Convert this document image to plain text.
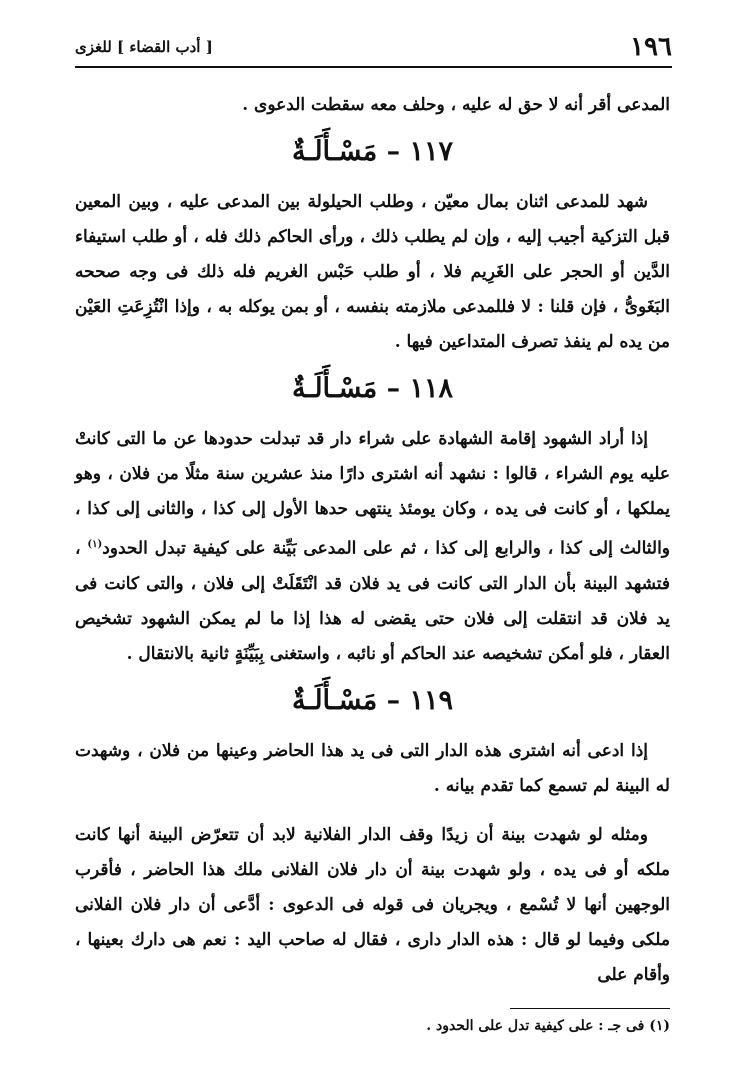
١٩٦
[ أدب القضاء ] للغزى

المدعى أقر أنه لا حق له عليه ، وحلف معه سقطت الدعوى .

١١٧ – مَسْـأَلَـةٌ

شهد للمدعى اثنان بمال معيّن ، وطلب الحيلولة بين المدعى عليه ، وبين المعين قبل التزكية أجيب إليه ، وإن لم يطلب ذلك ، ورأى الحاكم ذلك فله ، أو طلب استيفاء الدَّين أو الحجر على الغَرِيم فلا ، أو طلب حَبْس الغريم فله ذلك فى وجه صححه البَغَوىُّ ، فإن قلنا : لا فللمدعى ملازمته بنفسه ، أو بمن يوكله به ، وإذا انْتُزِعَتِ العَيْن من يده لم ينفذ تصرف المتداعين فيها .

١١٨ – مَسْـأَلَـةٌ

إذا أراد الشهود إقامة الشهادة على شراء دار قد تبدلت حدودها عن ما التى كانتْ عليه يوم الشراء ، قالوا : نشهد أنه اشترى دارًا منذ عشرين سنة مثلًا من فلان ، وهو يملكها ، أو كانت فى يده ، وكان يومئذ ينتهى حدها الأول إلى كذا ، والثانى إلى كذا ، والثالث إلى كذا ، والرابع إلى كذا ، ثم على المدعى بَيِّنة على كيفية تبدل الحدود$^{(١)}$ ، فتشهد البينة بأن الدار التى كانت فى يد فلان قد انْتَقَلَتْ إلى فلان ، والتى كانت فى يد فلان قد انتقلت إلى فلان حتى يقضى له هذا إذا ما لم يمكن الشهود تشخيص العقار ، فلو أمكن تشخيصه عند الحاكم أو نائبه ، واستغنى بِبَيِّنَةٍ ثانية بالانتقال .

١١٩ – مَسْـأَلَـةٌ

إذا ادعى أنه اشترى هذه الدار التى فى يد هذا الحاضر وعينها من فلان ، وشهدت له البينة لم تسمع كما تقدم بيانه .

ومثله لو شهدت بينة أن زيدًا وقف الدار الفلانية لابد أن تتعرّض البينة أنها كانت ملكه أو فى يده ، ولو شهدت بينة أن دار فلان الفلانى ملك هذا الحاضر ، فأقرب الوجهين أنها لا تُسْمع ، ويجريان فى قوله فى الدعوى : أدَّعى أن دار فلان الفلانى ملكى وفيما لو قال : هذه الدار دارى ، فقال له صاحب اليد : نعم هى دارك بعينها ، وأقام على

(١) فى جـ : على كيفية تدل على الحدود .
